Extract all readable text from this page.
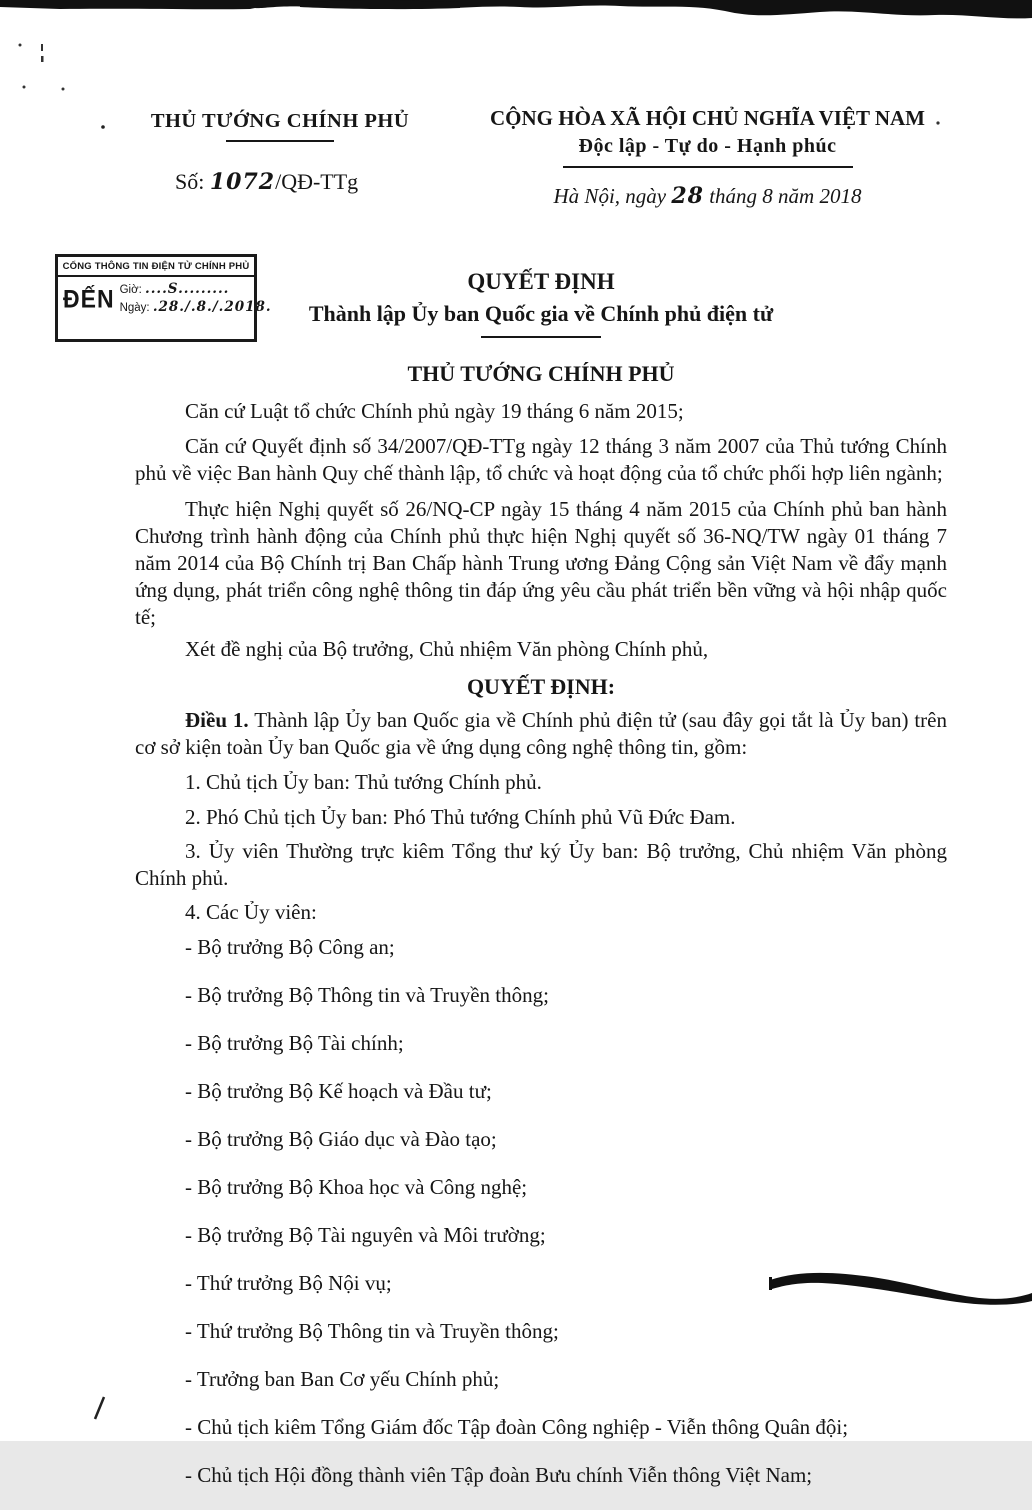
THỦ TƯỚNG CHÍNH PHỦ
Số: 1072/QĐ-TTg
CỘNG HÒA XÃ HỘI CHỦ NGHĨA VIỆT NAM
Độc lập - Tự do - Hạnh phúc
Hà Nội, ngày 28 tháng 8 năm 2018
CỔNG THÔNG TIN ĐIỆN TỬ CHÍNH PHỦ
ĐẾN Giờ: ....S.........
Ngày: .28./.8./.2018.
QUYẾT ĐỊNH
Thành lập Ủy ban Quốc gia về Chính phủ điện tử
THỦ TƯỚNG CHÍNH PHỦ

Căn cứ Luật tổ chức Chính phủ ngày 19 tháng 6 năm 2015;

Căn cứ Quyết định số 34/2007/QĐ-TTg ngày 12 tháng 3 năm 2007 của Thủ tướng Chính phủ về việc Ban hành Quy chế thành lập, tổ chức và hoạt động của tổ chức phối hợp liên ngành;

Thực hiện Nghị quyết số 26/NQ-CP ngày 15 tháng 4 năm 2015 của Chính phủ ban hành Chương trình hành động của Chính phủ thực hiện Nghị quyết số 36-NQ/TW ngày 01 tháng 7 năm 2014 của Bộ Chính trị Ban Chấp hành Trung ương Đảng Cộng sản Việt Nam về đẩy mạnh ứng dụng, phát triển công nghệ thông tin đáp ứng yêu cầu phát triển bền vững và hội nhập quốc tế;

Xét đề nghị của Bộ trưởng, Chủ nhiệm Văn phòng Chính phủ,

QUYẾT ĐỊNH:

Điều 1. Thành lập Ủy ban Quốc gia về Chính phủ điện tử (sau đây gọi tắt là Ủy ban) trên cơ sở kiện toàn Ủy ban Quốc gia về ứng dụng công nghệ thông tin, gồm:

1. Chủ tịch Ủy ban: Thủ tướng Chính phủ.

2. Phó Chủ tịch Ủy ban: Phó Thủ tướng Chính phủ Vũ Đức Đam.

3. Ủy viên Thường trực kiêm Tổng thư ký Ủy ban: Bộ trưởng, Chủ nhiệm Văn phòng Chính phủ.

4. Các Ủy viên:

- Bộ trưởng Bộ Công an;

- Bộ trưởng Bộ Thông tin và Truyền thông;

- Bộ trưởng Bộ Tài chính;

- Bộ trưởng Bộ Kế hoạch và Đầu tư;

- Bộ trưởng Bộ Giáo dục và Đào tạo;

- Bộ trưởng Bộ Khoa học và Công nghệ;

- Bộ trưởng Bộ Tài nguyên và Môi trường;

- Thứ trưởng Bộ Nội vụ;

- Thứ trưởng Bộ Thông tin và Truyền thông;

- Trưởng ban Ban Cơ yếu Chính phủ;

- Chủ tịch kiêm Tổng Giám đốc Tập đoàn Công nghiệp - Viễn thông Quân đội;

- Chủ tịch Hội đồng thành viên Tập đoàn Bưu chính Viễn thông Việt Nam;
